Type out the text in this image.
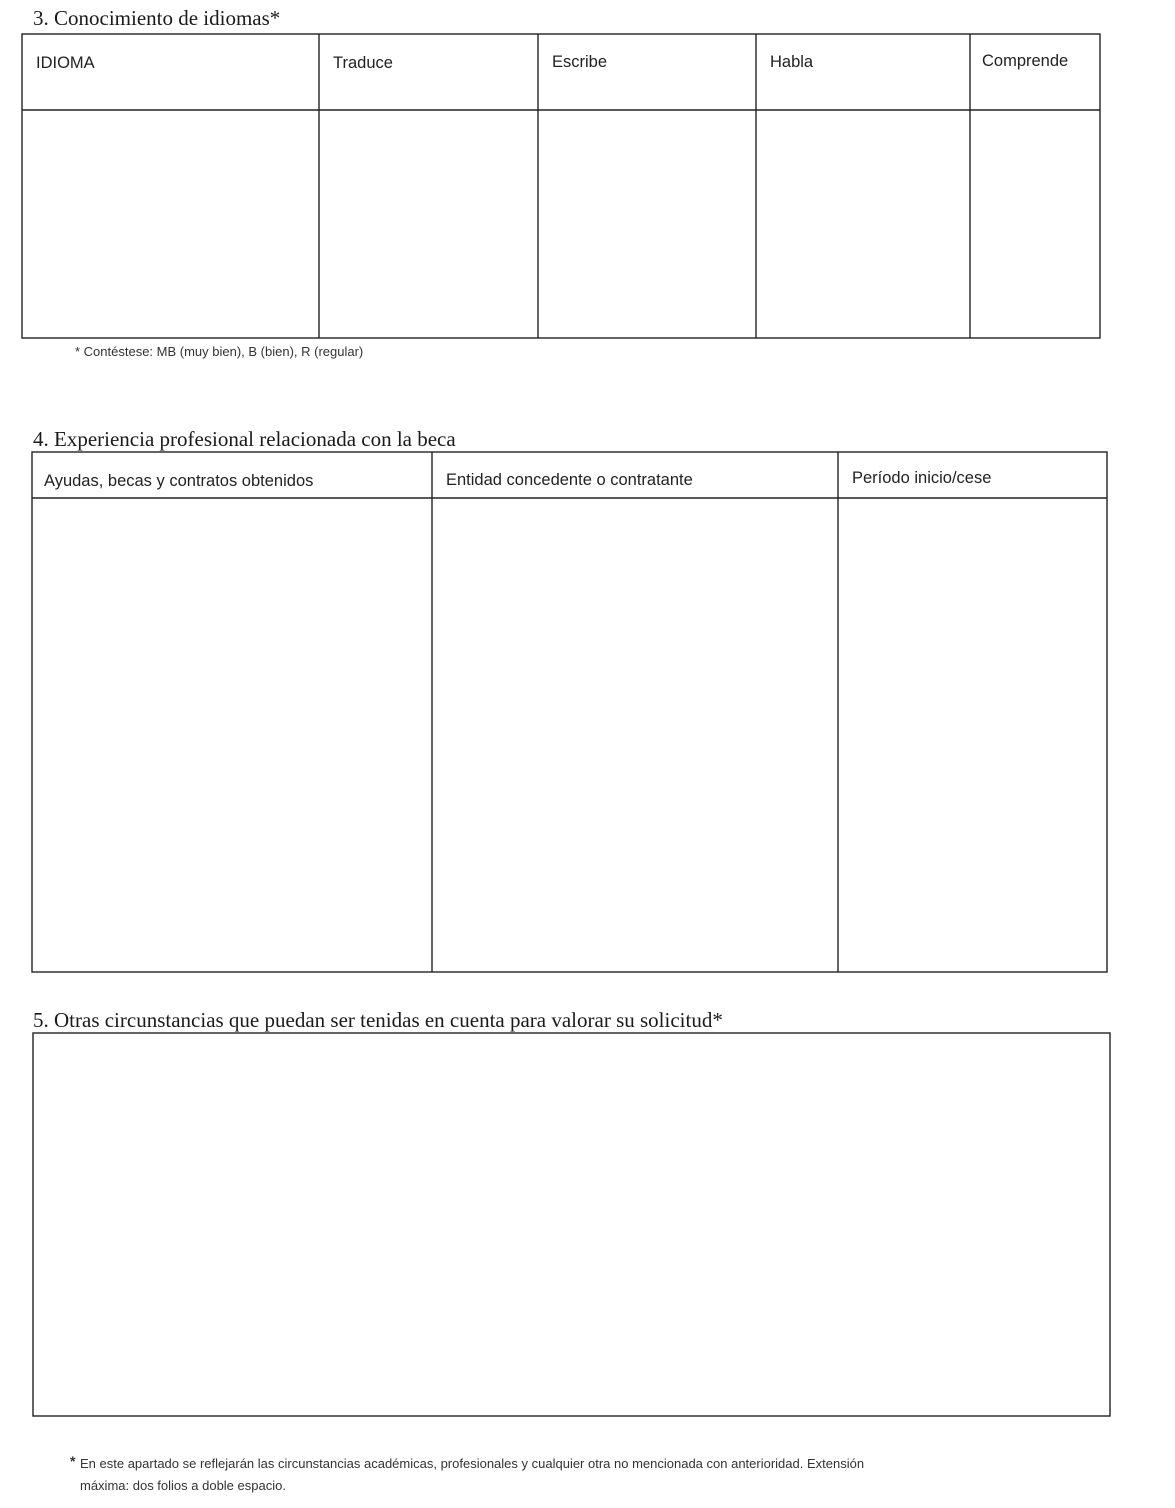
3. Conocimiento de idiomas*
IDIOMA	Traduce	Escribe	Habla	Comprende
* Contéstese: MB (muy bien), B (bien), R (regular)
4. Experiencia profesional relacionada con la beca
Ayudas, becas y contratos obtenidos	Entidad concedente o contratante	Período inicio/cese
5. Otras circunstancias que puedan ser tenidas en cuenta para valorar su solicitud*
* En este apartado se reflejarán las circunstancias académicas, profesionales y cualquier otra no mencionada con anterioridad. Extensión
máxima: dos folios a doble espacio.
